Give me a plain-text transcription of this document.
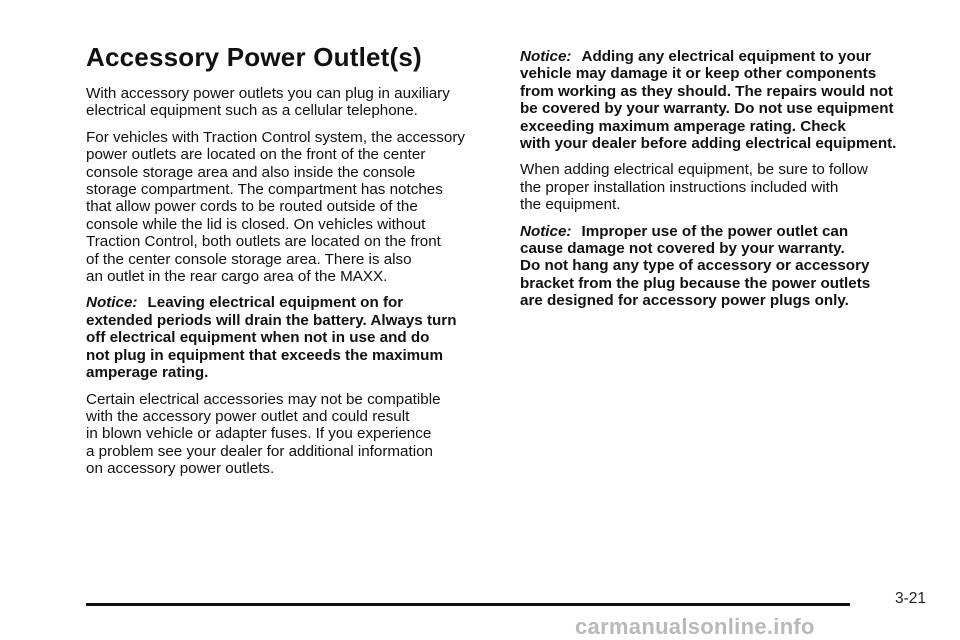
Accessory Power Outlet(s)

With accessory power outlets you can plug in auxiliary
electrical equipment such as a cellular telephone.

For vehicles with Traction Control system, the accessory
power outlets are located on the front of the center
console storage area and also inside the console
storage compartment. The compartment has notches
that allow power cords to be routed outside of the
console while the lid is closed. On vehicles without
Traction Control, both outlets are located on the front
of the center console storage area. There is also
an outlet in the rear cargo area of the MAXX.

Notice: Leaving electrical equipment on for
extended periods will drain the battery. Always turn
off electrical equipment when not in use and do
not plug in equipment that exceeds the maximum
amperage rating.

Certain electrical accessories may not be compatible
with the accessory power outlet and could result
in blown vehicle or adapter fuses. If you experience
a problem see your dealer for additional information
on accessory power outlets.

Notice: Adding any electrical equipment to your
vehicle may damage it or keep other components
from working as they should. The repairs would not
be covered by your warranty. Do not use equipment
exceeding maximum amperage rating. Check
with your dealer before adding electrical equipment.

When adding electrical equipment, be sure to follow
the proper installation instructions included with
the equipment.

Notice: Improper use of the power outlet can
cause damage not covered by your warranty.
Do not hang any type of accessory or accessory
bracket from the plug because the power outlets
are designed for accessory power plugs only.

3-21
carmanualsonline.info
